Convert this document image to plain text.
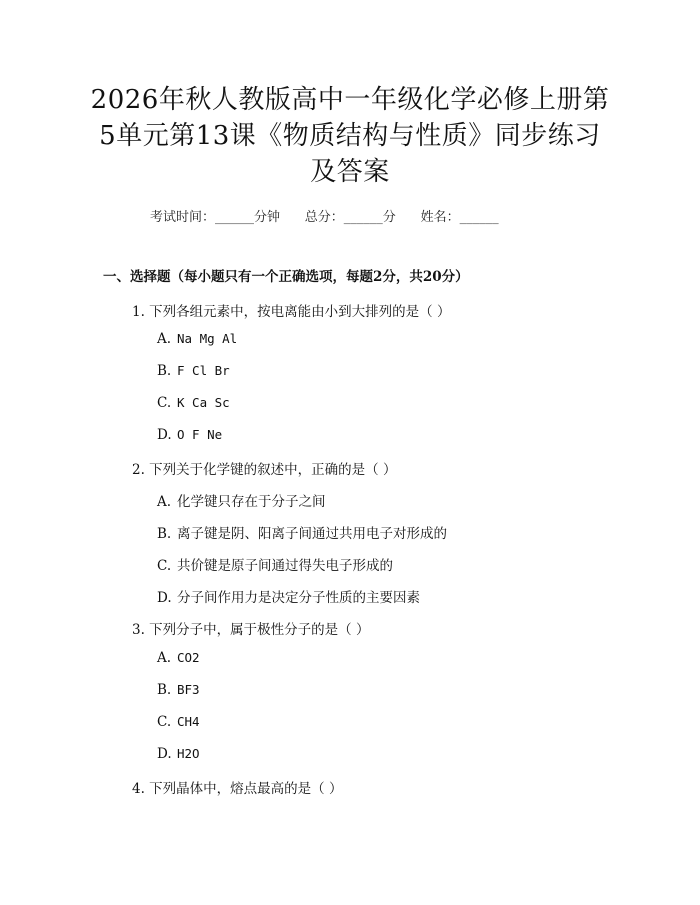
2026年秋人教版高中一年级化学必修上册第
5单元第13课《物质结构与性质》同步练习
及答案
考试时间：______分钟      总分：______分      姓名：______
一、选择题（每小题只有一个正确选项，每题2分，共20分）
1. 下列各组元素中，按电离能由小到大排列的是（ ）
A. Na Mg Al
B. F Cl Br
C. K Ca Sc
D. O F Ne
2. 下列关于化学键的叙述中，正确的是（ ）
A. 化学键只存在于分子之间
B. 离子键是阴、阳离子间通过共用电子对形成的
C. 共价键是原子间通过得失电子形成的
D. 分子间作用力是决定分子性质的主要因素
3. 下列分子中，属于极性分子的是（ ）
A. CO2
B. BF3
C. CH4
D. H2O
4. 下列晶体中，熔点最高的是（ ）
